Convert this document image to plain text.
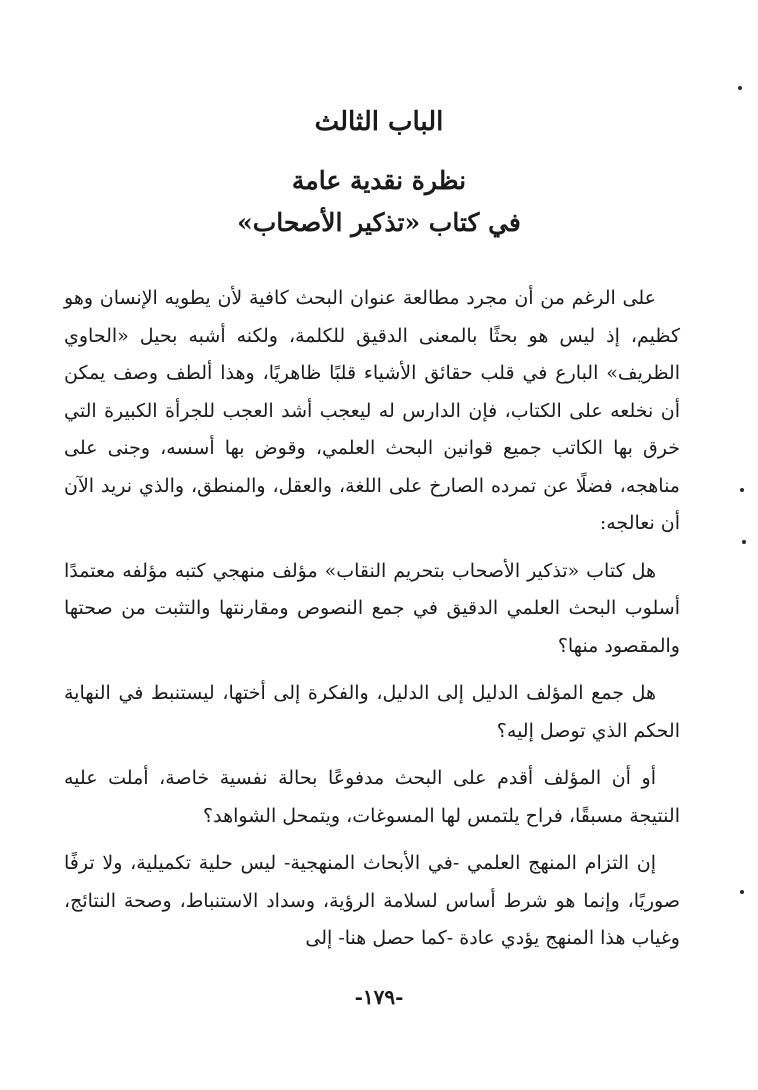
الباب الثالث
نظرة نقدية عامة
في كتاب «تذكير الأصحاب»

على الرغم من أن مجرد مطالعة عنوان البحث كافية لأن يطويه الإنسان وهو كظيم، إذ ليس هو بحثًا بالمعنى الدقيق للكلمة، ولكنه أشبه بحيل «الحاوي الظريف» البارع في قلب حقائق الأشياء قلبًا ظاهريًا، وهذا ألطف وصف يمكن أن نخلعه على الكتاب، فإن الدارس له ليعجب أشد العجب للجرأة الكبيرة التي خرق بها الكاتب جميع قوانين البحث العلمي، وقوض بها أسسه، وجنى على مناهجه، فضلًا عن تمرده الصارخ على اللغة، والعقل، والمنطق، والذي نريد الآن أن نعالجه:

هل كتاب «تذكير الأصحاب بتحريم النقاب» مؤلف منهجي كتبه مؤلفه معتمدًا أسلوب البحث العلمي الدقيق في جمع النصوص ومقارنتها والتثبت من صحتها والمقصود منها؟

هل جمع المؤلف الدليل إلى الدليل، والفكرة إلى أختها، ليستنبط في النهاية الحكم الذي توصل إليه؟

أو أن المؤلف أقدم على البحث مدفوعًا بحالة نفسية خاصة، أملت عليه النتيجة مسبقًا، فراح يلتمس لها المسوغات، ويتمحل الشواهد؟

إن التزام المنهج العلمي -في الأبحاث المنهجية- ليس حلية تكميلية، ولا ترفًا صوريًا، وإنما هو شرط أساس لسلامة الرؤية، وسداد الاستنباط، وصحة النتائج، وغياب هذا المنهج يؤدي عادة -كما حصل هنا- إلى

-١٧٩-
